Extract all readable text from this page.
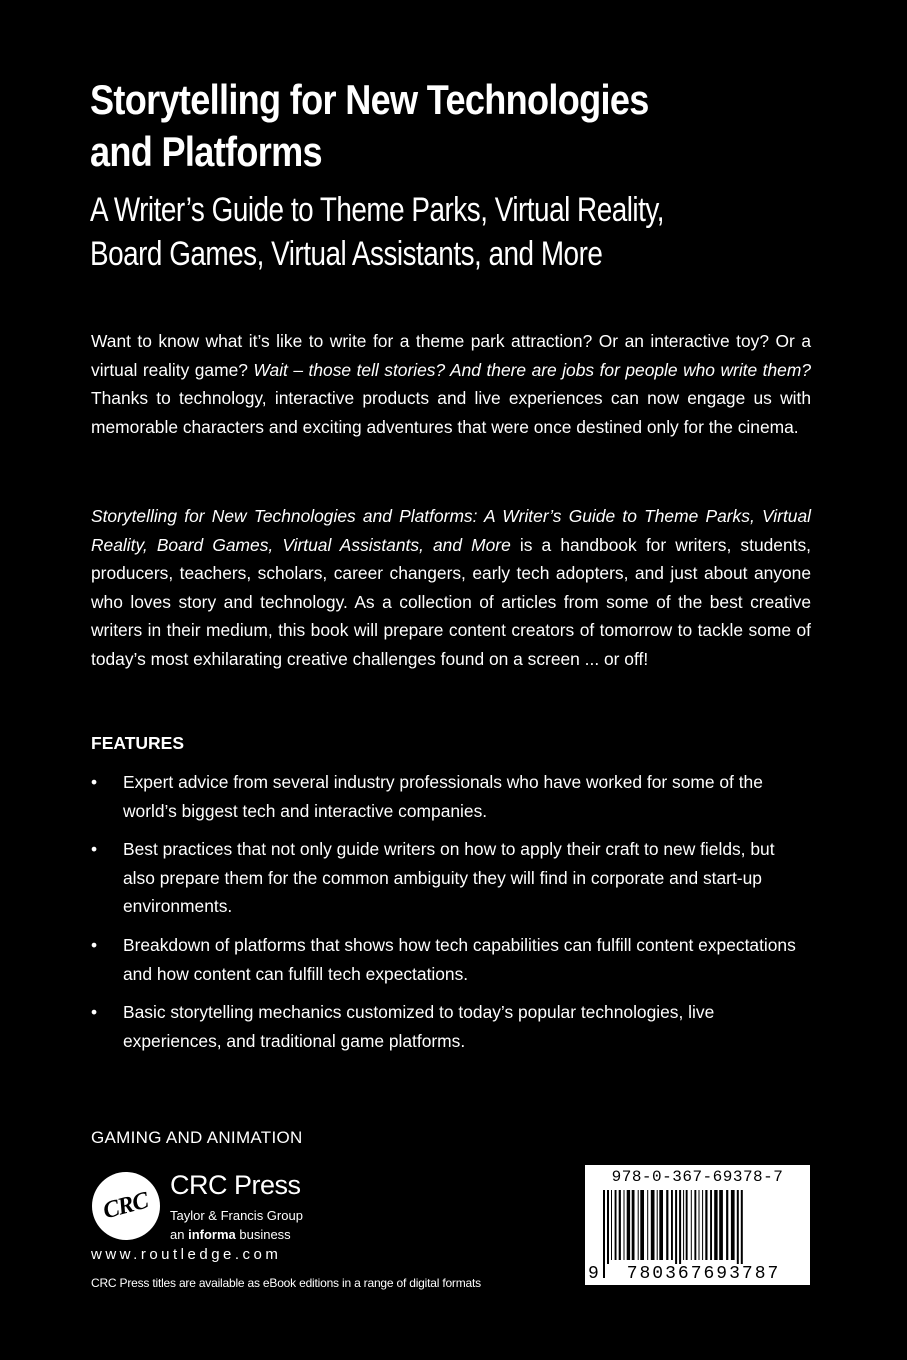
Storytelling for New Technologies
and Platforms
A Writer’s Guide to Theme Parks, Virtual Reality,
Board Games, Virtual Assistants, and More

Want to know what it’s like to write for a theme park attraction? Or an interactive toy? Or a virtual reality game? Wait – those tell stories? And there are jobs for people who write them? Thanks to technology, interactive products and live experiences can now engage us with memorable characters and exciting adventures that were once destined only for the cinema.

Storytelling for New Technologies and Platforms: A Writer’s Guide to Theme Parks, Virtual Reality, Board Games, Virtual Assistants, and More is a handbook for writers, students, producers, teachers, scholars, career changers, early tech adopters, and just about anyone who loves story and technology. As a collection of articles from some of the best creative writers in their medium, this book will prepare content creators of tomorrow to tackle some of today’s most exhilarating creative challenges found on a screen ... or off!

FEATURES
• Expert advice from several industry professionals who have worked for some of the world’s biggest tech and interactive companies.
• Best practices that not only guide writers on how to apply their craft to new fields, but also prepare them for the common ambiguity they will find in corporate and start-up environments.
• Breakdown of platforms that shows how tech capabilities can fulfill content expectations and how content can fulfill tech expectations.
• Basic storytelling mechanics customized to today’s popular technologies, live experiences, and traditional game platforms.

GAMING AND ANIMATION

CRC
CRC Press
Taylor & Francis Group
an informa business
www.routledge.com
CRC Press titles are available as eBook editions in a range of digital formats
978-0-367-69378-7
9	780367693787
